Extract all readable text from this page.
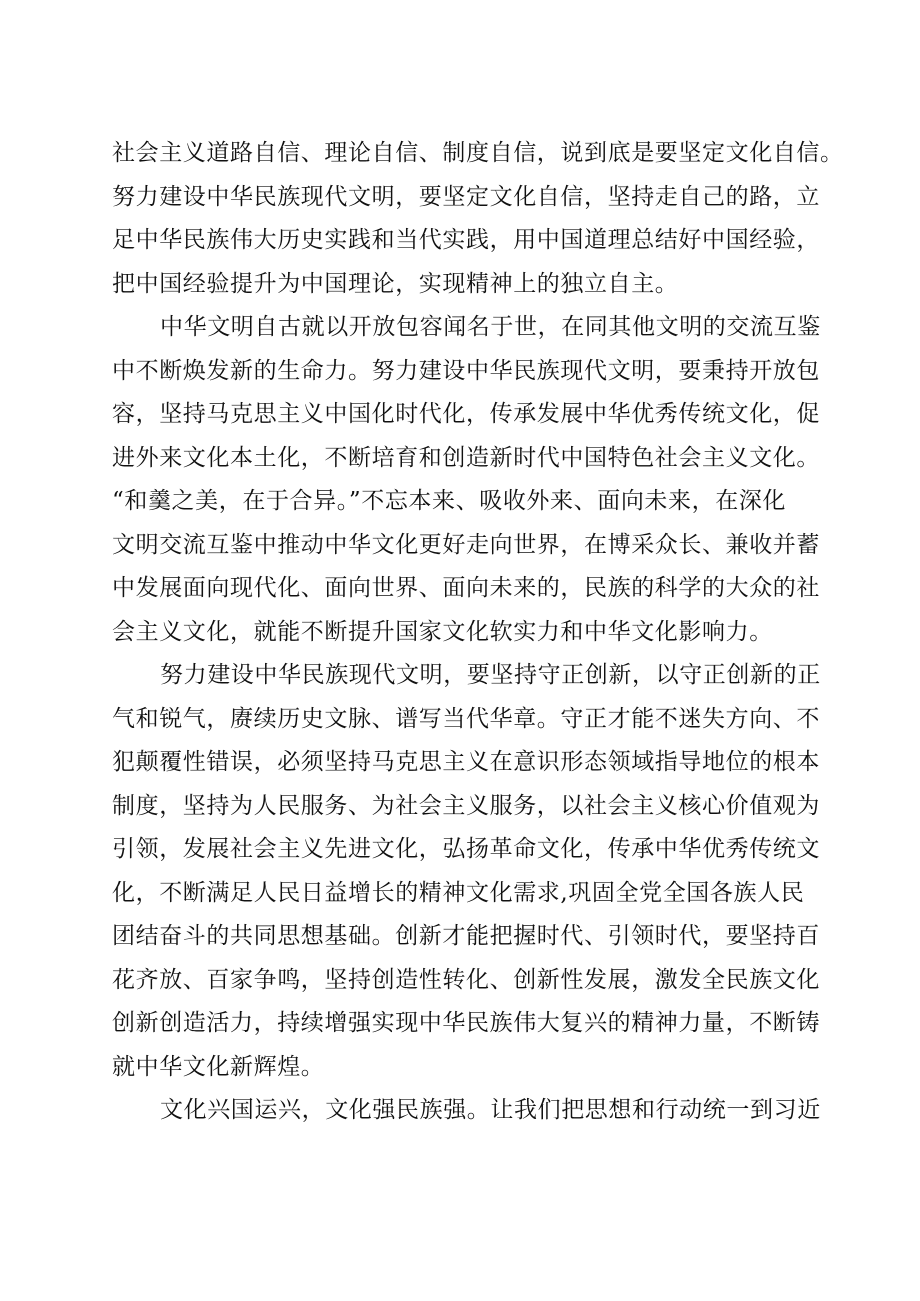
社会主义道路自信、理论自信、制度自信，说到底是要坚定文化自信。
努力建设中华民族现代文明，要坚定文化自信，坚持走自己的路，立
足中华民族伟大历史实践和当代实践，用中国道理总结好中国经验，
把中国经验提升为中国理论，实现精神上的独立自主。
中华文明自古就以开放包容闻名于世，在同其他文明的交流互鉴
中不断焕发新的生命力。努力建设中华民族现代文明，要秉持开放包
容，坚持马克思主义中国化时代化，传承发展中华优秀传统文化，促
进外来文化本土化，不断培育和创造新时代中国特色社会主义文化。
“和羹之美，在于合异。”不忘本来、吸收外来、面向未来，在深化
文明交流互鉴中推动中华文化更好走向世界，在博采众长、兼收并蓄
中发展面向现代化、面向世界、面向未来的，民族的科学的大众的社
会主义文化，就能不断提升国家文化软实力和中华文化影响力。
努力建设中华民族现代文明，要坚持守正创新，以守正创新的正
气和锐气，赓续历史文脉、谱写当代华章。守正才能不迷失方向、不
犯颠覆性错误，必须坚持马克思主义在意识形态领域指导地位的根本
制度，坚持为人民服务、为社会主义服务，以社会主义核心价值观为
引领，发展社会主义先进文化，弘扬革命文化，传承中华优秀传统文
化，不断满足人民日益增长的精神文化需求,巩固全党全国各族人民
团结奋斗的共同思想基础。创新才能把握时代、引领时代，要坚持百
花齐放、百家争鸣，坚持创造性转化、创新性发展，激发全民族文化
创新创造活力，持续增强实现中华民族伟大复兴的精神力量，不断铸
就中华文化新辉煌。
文化兴国运兴，文化强民族强。让我们把思想和行动统一到习近
